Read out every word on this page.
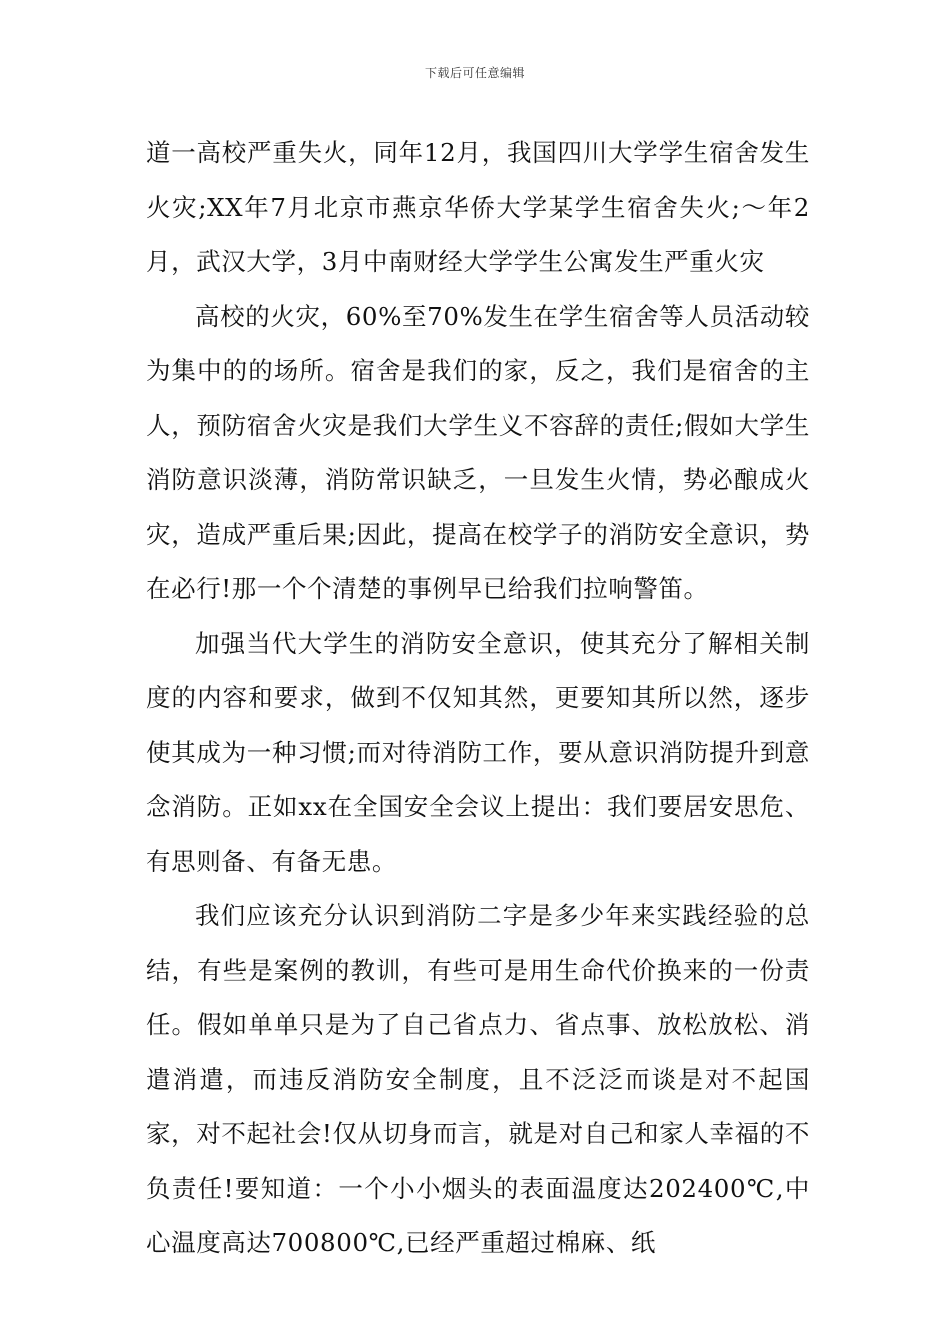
下载后可任意编辑

道一高校严重失火，同年12月，我国四川大学学生宿舍发生火灾;XX年7月北京市燕京华侨大学某学生宿舍失火;～年2月，武汉大学，3月中南财经大学学生公寓发生严重火灾

高校的火灾，60%至70%发生在学生宿舍等人员活动较为集中的的场所。宿舍是我们的家，反之，我们是宿舍的主人，预防宿舍火灾是我们大学生义不容辞的责任;假如大学生消防意识淡薄，消防常识缺乏，一旦发生火情，势必酿成火灾，造成严重后果;因此，提高在校学子的消防安全意识，势在必行!那一个个清楚的事例早已给我们拉响警笛。

加强当代大学生的消防安全意识，使其充分了解相关制度的内容和要求，做到不仅知其然，更要知其所以然，逐步使其成为一种习惯;而对待消防工作，要从意识消防提升到意念消防。正如xx在全国安全会议上提出：我们要居安思危、有思则备、有备无患。

我们应该充分认识到消防二字是多少年来实践经验的总结，有些是案例的教训，有些可是用生命代价换来的一份责任。假如单单只是为了自己省点力、省点事、放松放松、消遣消遣，而违反消防安全制度，且不泛泛而谈是对不起国家，对不起社会!仅从切身而言，就是对自己和家人幸福的不负责任!要知道：一个小小烟头的表面温度达202400℃,中心温度高达700800℃,已经严重超过棉麻、纸
